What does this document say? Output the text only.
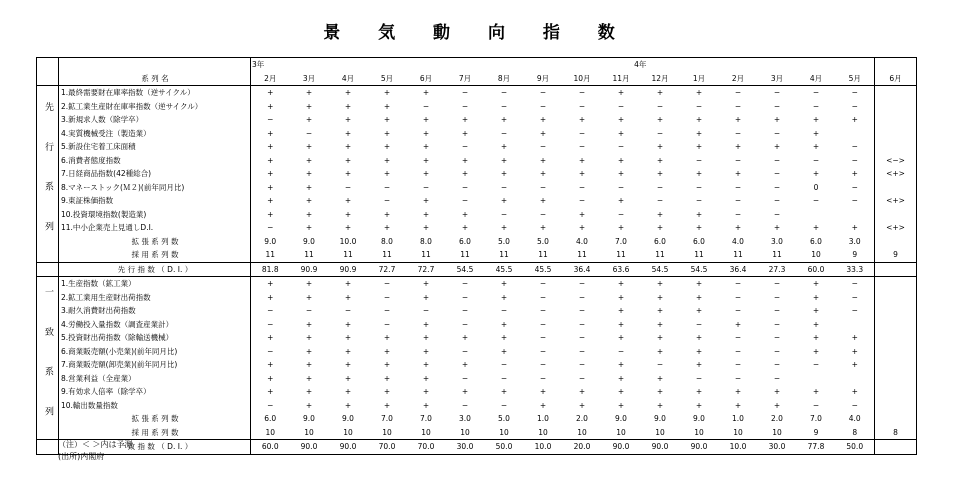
景 気 動 向 指 数
		3年				4年												
	系 列 名	2月	3月	4月	5月	6月	7月	8月	9月	10月	11月	12月	1月	2月	3月	4月	5月	6月
先 行 系 列	1.最終需要財在庫率指数（逆サイクル）	+	+	+	+	+	−	−	−	−	+	+	+	−	−	−	−	
	2.鉱工業生産財在庫率指数（逆サイクル）	+	+	+	+	−	−	−	−	−	−	−	−	−	−	−	−	
	3.新規求人数（除学卒）	−	+	+	+	+	+	+	+	+	+	+	+	+	+	+	+	
	4.実質機械受注（製造業）	+	−	+	+	+	+	−	+	−	+	−	+	−	−	+		
	5.新設住宅着工床面積	+	+	+	+	+	−	+	−	−	−	+	+	+	+	+	−	
	6.消費者態度指数	+	+	+	+	+	+	+	+	+	+	+	−	−	−	−	−	<−>
	7.日経商品指数(42種総合)	+	+	+	+	+	+	+	+	+	+	+	+	+	−	+	+	<+>
	8.マネーストック(Ｍ２)(前年同月比)	+	+	−	−	−	−	−	−	−	−	−	−	−	−	0	−	
	9.東証株価指数	+	+	+	−	+	−	+	+	−	+	−	−	−	−	−	−	<+>
	10.投資環境指数(製造業)	+	+	+	+	+	+	−	−	+	−	+	+	−	−			
	11.中小企業売上見通しD.I.	−	+	+	+	+	+	+	+	+	+	+	+	+	+	+	+	<+>
	拡 張 系 列 数	9.0	9.0	10.0	8.0	8.0	6.0	5.0	5.0	4.0	7.0	6.0	6.0	4.0	3.0	6.0	3.0	
	採 用 系 列 数	11	11	11	11	11	11	11	11	11	11	11	11	11	11	10	9	9
	先 行 指 数 （ D. I. ）	81.8	90.9	90.9	72.7	72.7	54.5	45.5	45.5	36.4	63.6	54.5	54.5	36.4	27.3	60.0	33.3	
一 致 系 列	1.生産指数（鉱工業）	+	+	+	−	+	−	+	−	−	+	+	+	−	−	+	−	
	2.鉱工業用生産財出荷指数	+	+	+	−	+	−	+	−	−	+	+	+	−	−	+	−	
	3.耐久消費財出荷指数	−	−	−	−	−	−	−	−	−	+	+	+	−	−	+	−	
	4.労働投入量指数（調査産業計）	−	+	+	−	+	−	+	−	−	+	+	−	+	−	+		
	5.投資財出荷指数（除輸送機械）	+	+	+	+	+	+	+	−	−	+	+	+	−	−	+	+	
	6.商業販売額(小売業)(前年同月比)	−	+	+	+	+	−	+	−	−	−	+	+	−	−	+	+	
	7.商業販売額(卸売業)(前年同月比)	+	+	+	+	+	+	−	−	−	+	−	+	−	−	−	+	
	8.営業利益（全産業）	+	+	+	+	+	−	−	−	−	+	+	−	−	−			
	9.有効求人倍率（除学卒）	+	+	+	+	+	+	+	+	+	+	+	+	+	+	+	+	
	10.輸出数量指数	−	+	+	+	+	−	−	+	+	+	+	+	+	+	−	−	
	拡 張 系 列 数	6.0	9.0	9.0	7.0	7.0	3.0	5.0	1.0	2.0	9.0	9.0	9.0	1.0	2.0	7.0	4.0	
	採 用 系 列 数	10	10	10	10	10	10	10	10	10	10	10	10	10	10	9	8	8
	一 致 指 数 （ D. I. ）	60.0	90.0	90.0	70.0	70.0	30.0	50.0	10.0	20.0	90.0	90.0	90.0	10.0	30.0	77.8	50.0	
（注）＜ ＞内は予測
(出所)内閣府
